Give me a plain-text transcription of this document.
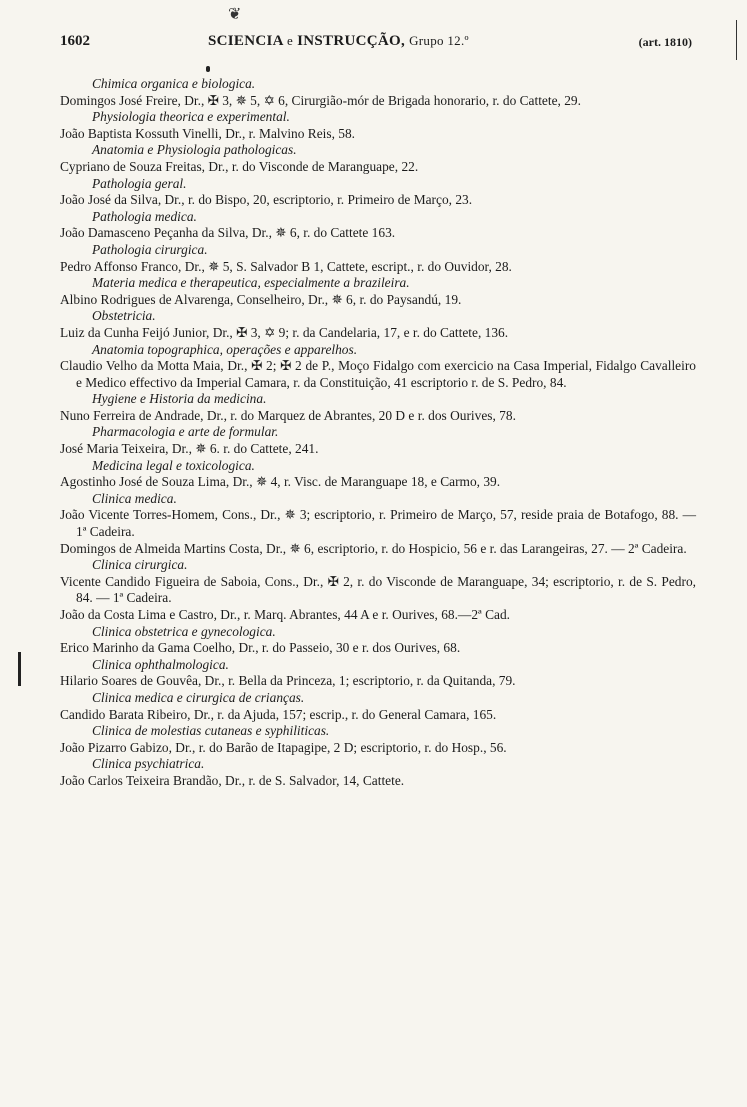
❦
1602	SCIENCIA e INSTRUCÇÃO, Grupo 12.º	(art. 1810)
Chimica organica e biologica.
Domingos José Freire, Dr., ✠ 3, ✵ 5, ✡ 6, Cirurgião-mór de Brigada honorario, r. do Cattete, 29.
Physiologia theorica e experimental.
João Baptista Kossuth Vinelli, Dr., r. Malvino Reis, 58.
Anatomia e Physiologia pathologicas.
Cypriano de Souza Freitas, Dr., r. do Visconde de Maranguape, 22.
Pathologia geral.
João José da Silva, Dr., r. do Bispo, 20, escriptorio, r. Primeiro de Março, 23.
Pathologia medica.
João Damasceno Peçanha da Silva, Dr., ✵ 6, r. do Cattete 163.
Pathologia cirurgica.
Pedro Affonso Franco, Dr., ✵ 5, S. Salvador B 1, Cattete, escript., r. do Ouvidor, 28.
Materia medica e therapeutica, especialmente a brazileira.
Albino Rodrigues de Alvarenga, Conselheiro, Dr., ✵ 6, r. do Paysandú, 19.
Obstetricia.
Luiz da Cunha Feijó Junior, Dr., ✠ 3, ✡ 9; r. da Candelaria, 17, e r. do Cattete, 136.
Anatomia topographica, operações e apparelhos.
Claudio Velho da Motta Maia, Dr., ✠ 2; ✠ 2 de P., Moço Fidalgo com exercicio na Casa Imperial, Fidalgo Cavalleiro e Medico effectivo da Imperial Camara, r. da Constituição, 41 escriptorio r. de S. Pedro, 84.
Hygiene e Historia da medicina.
Nuno Ferreira de Andrade, Dr., r. do Marquez de Abrantes, 20 D e r. dos Ourives, 78.
Pharmacologia e arte de formular.
José Maria Teixeira, Dr., ✵ 6. r. do Cattete, 241.
Medicina legal e toxicologica.
Agostinho José de Souza Lima, Dr., ✵ 4, r. Visc. de Maranguape 18, e Carmo, 39.
Clinica medica.
João Vicente Torres-Homem, Cons., Dr., ✵ 3; escriptorio, r. Primeiro de Março, 57, reside praia de Botafogo, 88. — 1ª Cadeira.
Domingos de Almeida Martins Costa, Dr., ✵ 6, escriptorio, r. do Hospicio, 56 e r. das Larangeiras, 27. — 2ª Cadeira.
Clinica cirurgica.
Vicente Candido Figueira de Saboia, Cons., Dr., ✠ 2, r. do Visconde de Maranguape, 34; escriptorio, r. de S. Pedro, 84. — 1ª Cadeira.
João da Costa Lima e Castro, Dr., r. Marq. Abrantes, 44 A e r. Ourives, 68.—2ª Cad.
Clinica obstetrica e gynecologica.
Erico Marinho da Gama Coelho, Dr., r. do Passeio, 30 e r. dos Ourives, 68.
Clinica ophthalmologica.
Hilario Soares de Gouvêa, Dr., r. Bella da Princeza, 1; escriptorio, r. da Quitanda, 79.
Clinica medica e cirurgica de crianças.
Candido Barata Ribeiro, Dr., r. da Ajuda, 157; escrip., r. do General Camara, 165.
Clinica de molestias cutaneas e syphiliticas.
João Pizarro Gabizo, Dr., r. do Barão de Itapagipe, 2 D; escriptorio, r. do Hosp., 56.
Clinica psychiatrica.
João Carlos Teixeira Brandão, Dr., r. de S. Salvador, 14, Cattete.
